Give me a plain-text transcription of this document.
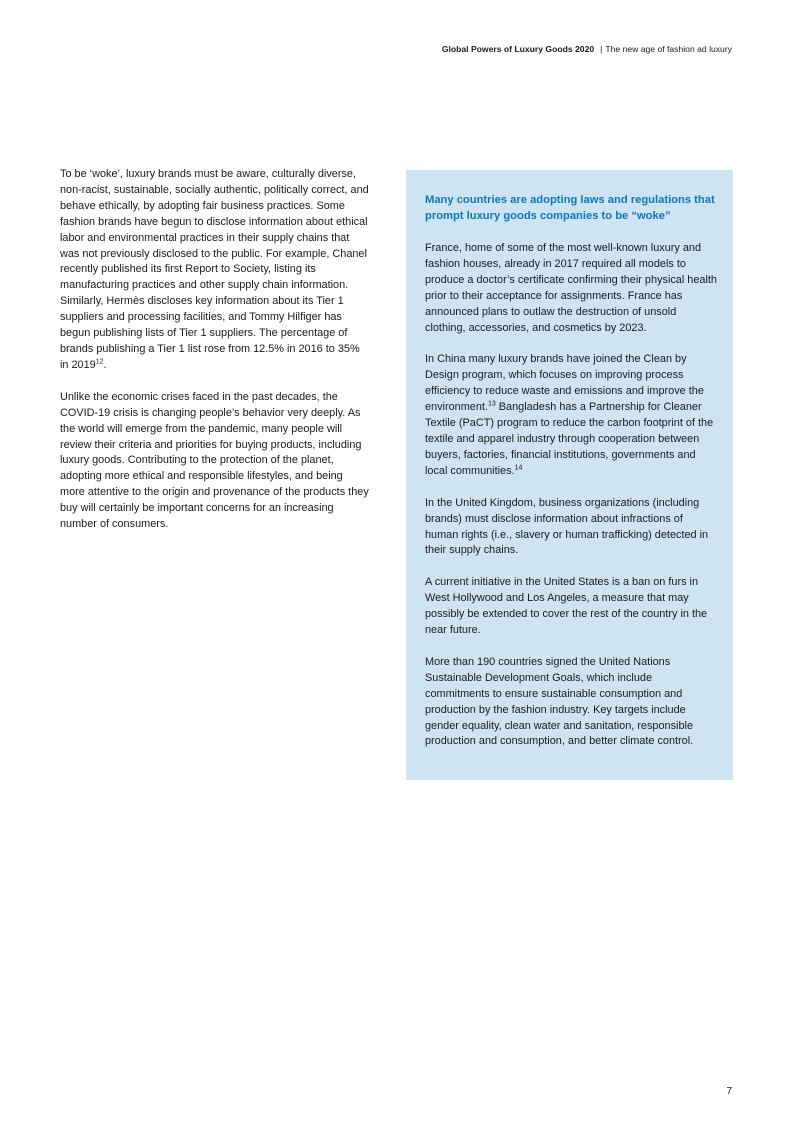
Global Powers of Luxury Goods 2020 | The new age of fashion ad luxury

To be ‘woke’, luxury brands must be aware, culturally diverse, non-racist, sustainable, socially authentic, politically correct, and behave ethically, by adopting fair business practices. Some fashion brands have begun to disclose information about ethical labor and environmental practices in their supply chains that was not previously disclosed to the public. For example, Chanel recently published its first Report to Society, listing its manufacturing practices and other supply chain information. Similarly, Hermès discloses key information about its Tier 1 suppliers and processing facilities, and Tommy Hilfiger has begun publishing lists of Tier 1 suppliers. The percentage of brands publishing a Tier 1 list rose from 12.5% in 2016 to 35% in 2019$^{12}$.

Unlike the economic crises faced in the past decades, the COVID-19 crisis is changing people’s behavior very deeply. As the world will emerge from the pandemic, many people will review their criteria and priorities for buying products, including luxury goods. Contributing to the protection of the planet, adopting more ethical and responsible lifestyles, and being more attentive to the origin and provenance of the products they buy will certainly be important concerns for an increasing number of consumers.

Many countries are adopting laws and regulations that prompt luxury goods companies to be “woke”

France, home of some of the most well-known luxury and fashion houses, already in 2017 required all models to produce a doctor’s certificate confirming their physical health prior to their acceptance for assignments. France has announced plans to outlaw the destruction of unsold clothing, accessories, and cosmetics by 2023.

In China many luxury brands have joined the Clean by Design program, which focuses on improving process efficiency to reduce waste and emissions and improve the environment.$^{13}$ Bangladesh has a Partnership for Cleaner Textile (PaCT) program to reduce the carbon footprint of the textile and apparel industry through cooperation between buyers, factories, financial institutions, governments and local communities.$^{14}$

In the United Kingdom, business organizations (including brands) must disclose information about infractions of human rights (i.e., slavery or human trafficking) detected in their supply chains.

A current initiative in the United States is a ban on furs in West Hollywood and Los Angeles, a measure that may possibly be extended to cover the rest of the country in the near future.

More than 190 countries signed the United Nations Sustainable Development Goals, which include commitments to ensure sustainable consumption and production by the fashion industry. Key targets include gender equality, clean water and sanitation, responsible production and consumption, and better climate control.

7
